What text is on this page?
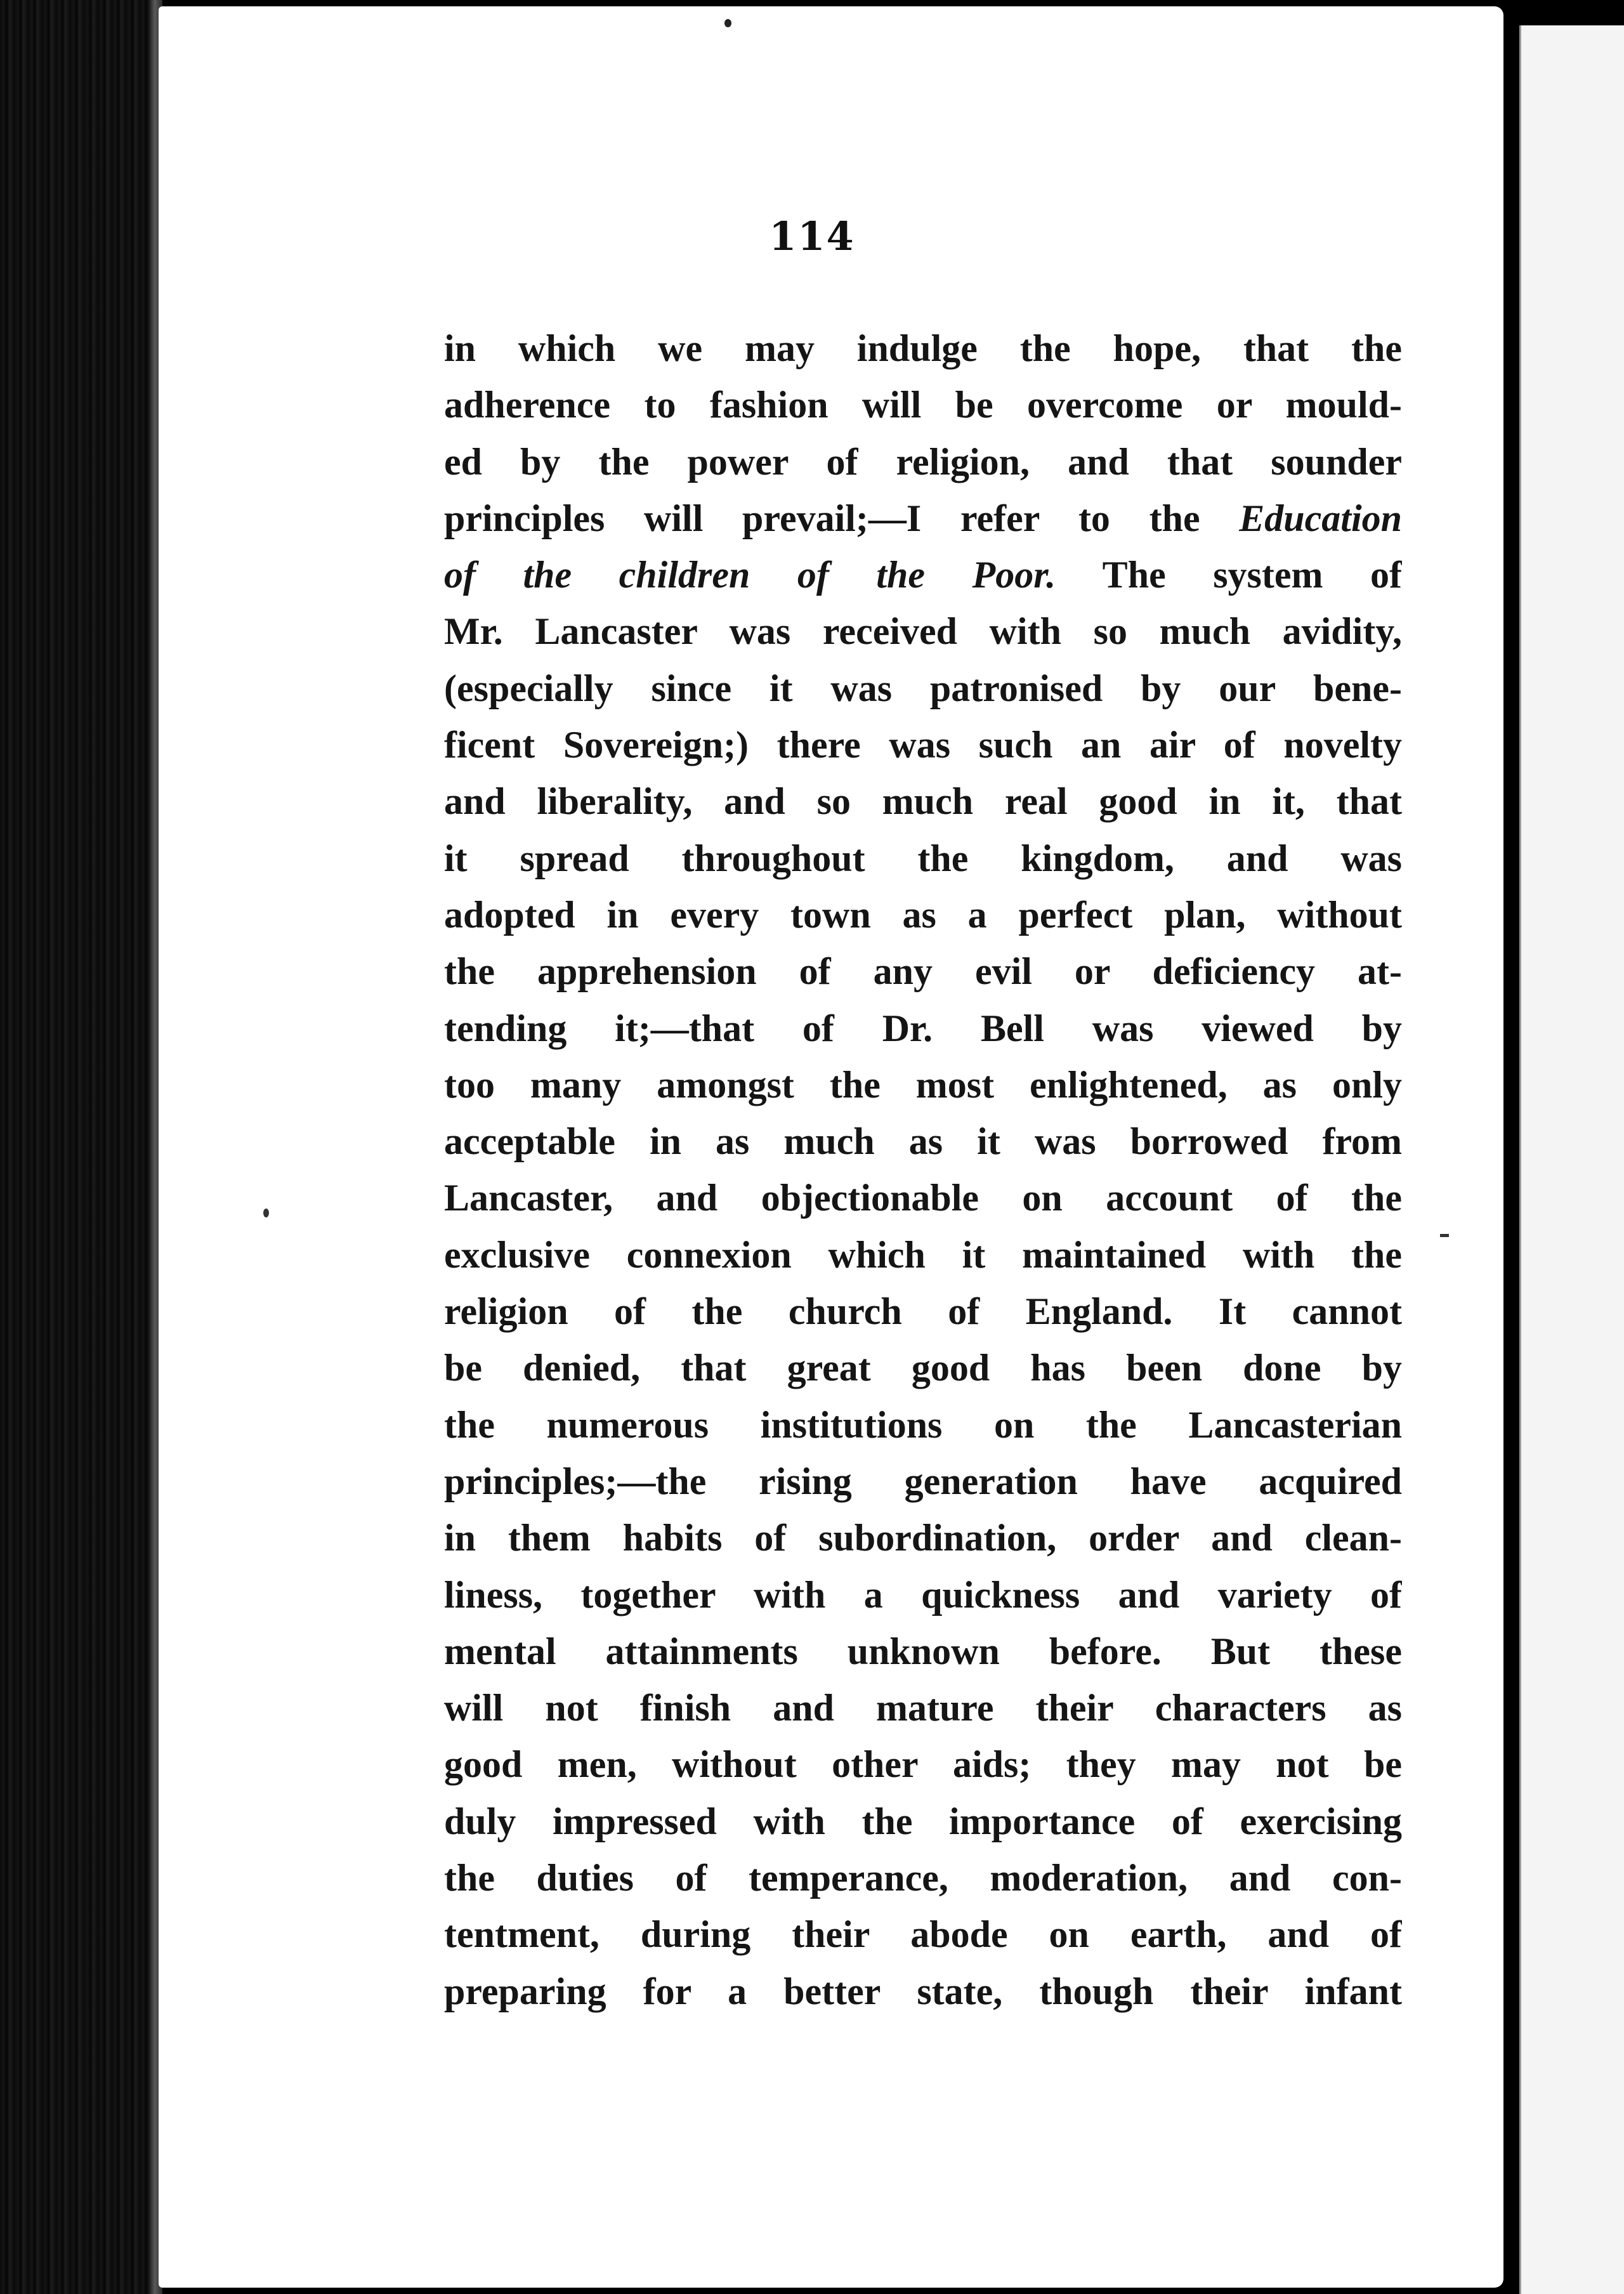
114
in which we may indulge the hope, that the
adherence to fashion will be overcome or mould-
ed by the power of religion, and that sounder
principles will prevail;—I refer to the Education
of the children of the Poor. The system of
Mr. Lancaster was received with so much avidity,
(especially since it was patronised by our bene-
ficent Sovereign;) there was such an air of novelty
and liberality, and so much real good in it, that
it spread throughout the kingdom, and was
adopted in every town as a perfect plan, without
the apprehension of any evil or deficiency at-
tending it;—that of Dr. Bell was viewed by
too many amongst the most enlightened, as only
acceptable in as much as it was borrowed from
Lancaster, and objectionable on account of the
exclusive connexion which it maintained with the
religion of the church of England. It cannot
be denied, that great good has been done by
the numerous institutions on the Lancasterian
principles;—the rising generation have acquired
in them habits of subordination, order and clean-
liness, together with a quickness and variety of
mental attainments unknown before. But these
will not finish and mature their characters as
good men, without other aids; they may not be
duly impressed with the importance of exercising
the duties of temperance, moderation, and con-
tentment, during their abode on earth, and of
preparing for a better state, though their infant
